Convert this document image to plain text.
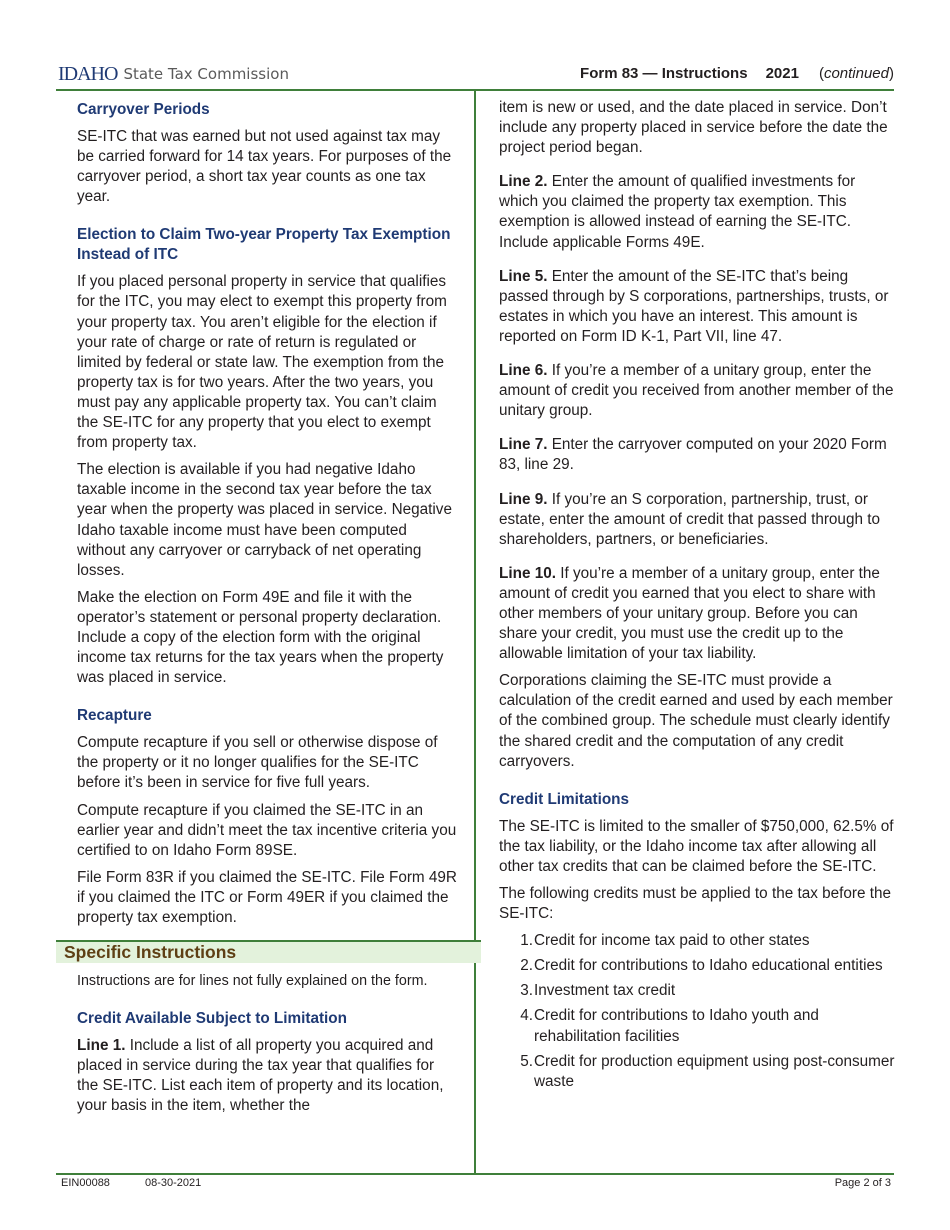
IDAHO State Tax Commission	Form 83 — Instructions 2021 (continued)
Carryover Periods

SE-ITC that was earned but not used against tax may be carried forward for 14 tax years. For purposes of the carryover period, a short tax year counts as one tax year.

Election to Claim Two-year Property Tax Exemption Instead of ITC

If you placed personal property in service that qualifies for the ITC, you may elect to exempt this property from your property tax. You aren’t eligible for the election if your rate of charge or rate of return is regulated or limited by federal or state law. The exemption from the property tax is for two years. After the two years, you must pay any applicable property tax. You can’t claim the SE-ITC for any property that you elect to exempt from property tax.

The election is available if you had negative Idaho taxable income in the second tax year before the tax year when the property was placed in service. Negative Idaho taxable income must have been computed without any carryover or carryback of net operating losses.

Make the election on Form 49E and file it with the operator’s statement or personal property declaration. Include a copy of the election form with the original income tax returns for the tax years when the property was placed in service.

Recapture

Compute recapture if you sell or otherwise dispose of the property or it no longer qualifies for the SE-ITC before it’s been in service for five full years.

Compute recapture if you claimed the SE-ITC in an earlier year and didn’t meet the tax incentive criteria you certified to on Idaho Form 89SE.

File Form 83R if you claimed the SE-ITC. File Form 49R if you claimed the ITC or Form 49ER if you claimed the property tax exemption.

Specific Instructions

Instructions are for lines not fully explained on the form.

Credit Available Subject to Limitation

Line 1. Include a list of all property you acquired and placed in service during the tax year that qualifies for the SE-ITC. List each item of property and its location, your basis in the item, whether the

item is new or used, and the date placed in service. Don’t include any property placed in service before the date the project period began.

Line 2. Enter the amount of qualified investments for which you claimed the property tax exemption. This exemption is allowed instead of earning the SE-ITC. Include applicable Forms 49E.

Line 5. Enter the amount of the SE-ITC that’s being passed through by S corporations, partnerships, trusts, or estates in which you have an interest. This amount is reported on Form ID K-1, Part VII, line 47.

Line 6. If you’re a member of a unitary group, enter the amount of credit you received from another member of the unitary group.

Line 7. Enter the carryover computed on your 2020 Form 83, line 29.

Line 9. If you’re an S corporation, partnership, trust, or estate, enter the amount of credit that passed through to shareholders, partners, or beneficiaries.

Line 10. If you’re a member of a unitary group, enter the amount of credit you earned that you elect to share with other members of your unitary group. Before you can share your credit, you must use the credit up to the allowable limitation of your tax liability.

Corporations claiming the SE-ITC must provide a calculation of the credit earned and used by each member of the combined group. The schedule must clearly identify the shared credit and the computation of any credit carryovers.

Credit Limitations

The SE-ITC is limited to the smaller of $750,000, 62.5% of the tax liability, or the Idaho income tax after allowing all other tax credits that can be claimed before the SE-ITC.

The following credits must be applied to the tax before the SE-ITC:

1. Credit for income tax paid to other states
2. Credit for contributions to Idaho educational entities
3. Investment tax credit
4. Credit for contributions to Idaho youth and rehabilitation facilities
5. Credit for production equipment using post-consumer waste
EIN00088	08-30-2021	Page 2 of 3
